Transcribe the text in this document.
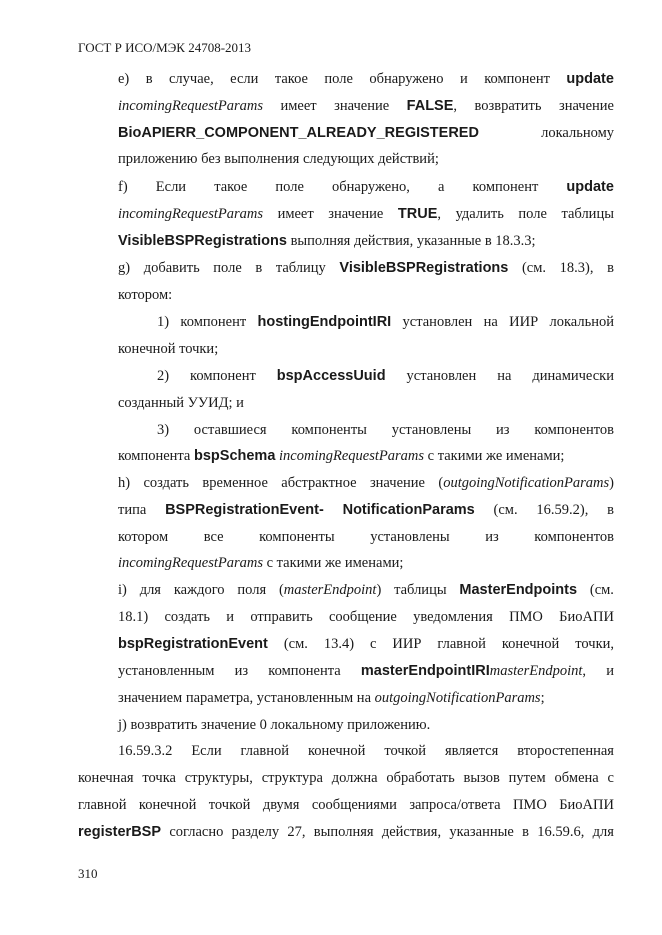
ГОСТ Р ИСО/МЭК 24708-2013
e) в случае, если такое поле обнаружено и компонент update
incomingRequestParams имеет значение FALSE, возвратить значение
BioAPIERR_COMPONENT_ALREADY_REGISTERED	локальному
приложению без выполнения следующих действий;
f) Если такое поле обнаружено, а компонент update
incomingRequestParams имеет значение TRUE, удалить поле таблицы
VisibleBSPRegistrations выполняя действия, указанные в 18.3.3;
g) добавить поле в таблицу VisibleBSPRegistrations (см. 18.3), в
котором:
1) компонент hostingEndpointIRI установлен на ИИР локальной
конечной точки;
2) компонент bspAccessUuid установлен на динамически
созданный УУИД; и
3) оставшиеся компоненты установлены из компонентов
компонента bspSchema incomingRequestParams с такими же именами;
h) создать временное абстрактное значение (outgoingNotificationParams)
типа BSPRegistrationEvent- NotificationParams (см. 16.59.2), в
котором все компоненты установлены из компонентов
incomingRequestParams с такими же именами;
i) для каждого поля (masterEndpoint) таблицы MasterEndpoints (см.
18.1) создать и отправить сообщение уведомления ПМО БиоАПИ
bspRegistrationEvent (см. 13.4) с ИИР главной конечной точки,
установленным из компонента masterEndpointIRImasterEndpoint, и
значением параметра, установленным на outgoingNotificationParams;
j) возвратить значение 0 локальному приложению.
16.59.3.2 Если главной конечной точкой является второстепенная
конечная точка структуры, структура должна обработать вызов путем обмена с
главной конечной точкой двумя сообщениями запроса/ответа ПМО БиоАПИ
registerBSP согласно разделу 27, выполняя действия, указанные в 16.59.6, для
310
